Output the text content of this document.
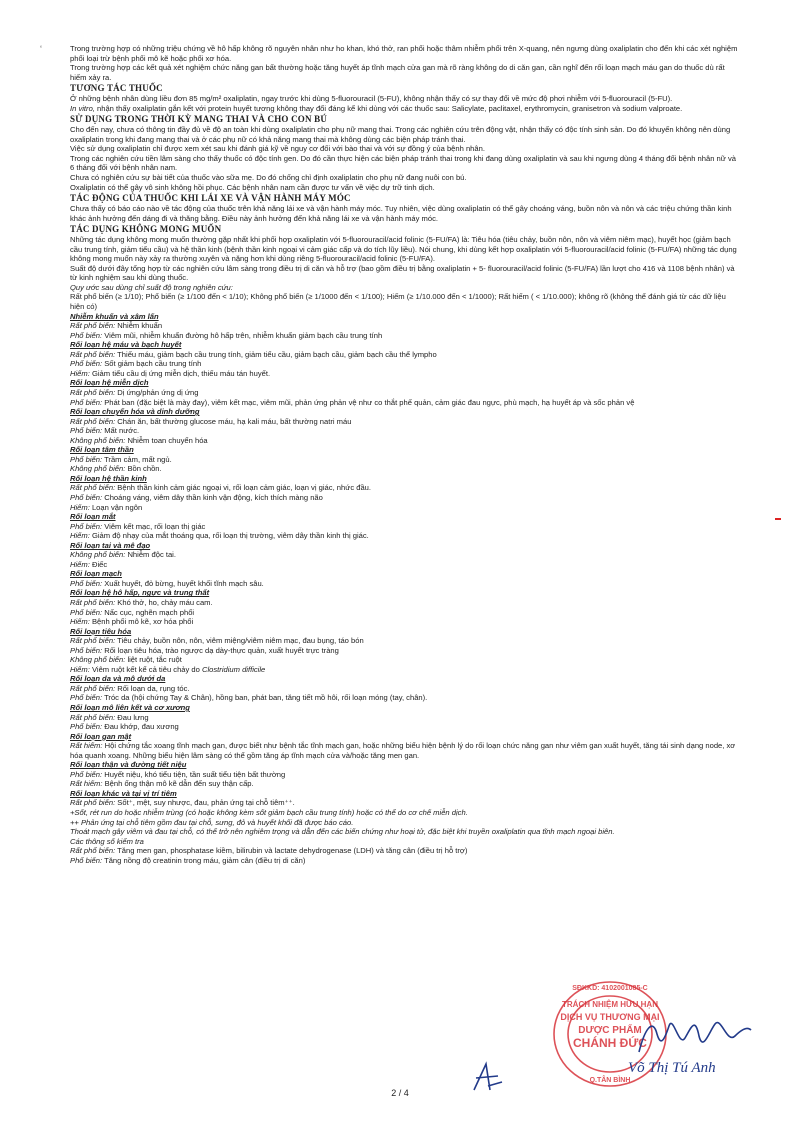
‘	Trong trường hợp có những triệu chứng về hô hấp không rõ nguyên nhân như ho khan, khó thở, ran phổi hoặc thâm nhiễm phổi trên X-quang, nên ngưng dùng oxaliplatin cho đến khi các xét nghiệm phổi loại trừ bệnh phổi mô kẽ hoặc phổi xơ hóa.

Trong trường hợp các kết quả xét nghiệm chức năng gan bất thường hoặc tăng huyết áp tĩnh mạch cửa gan mà rõ ràng không do di căn gan, cần nghĩ đến rối loạn mạch máu gan do thuốc dù rất hiếm xảy ra.

TƯƠNG TÁC THUỐC

Ở những bệnh nhân dùng liều đơn 85 mg/m² oxaliplatin, ngay trước khi dùng 5-fluorouracil (5-FU), không nhận thấy có sự thay đổi về mức độ phơi nhiễm với 5-fluorouracil (5-FU).

In vitro, nhận thấy oxaliplatin gắn kết với protein huyết tương không thay đổi đáng kể khi dùng với các thuốc sau: Salicylate, paclitaxel, erythromycin, granisetron và sodium valproate.

SỬ DỤNG TRONG THỜI KỲ MANG THAI VÀ CHO CON BÚ

Cho đến nay, chưa có thông tin đầy đủ về độ an toàn khi dùng oxaliplatin cho phụ nữ mang thai. Trong các nghiên cứu trên động vật, nhận thấy có độc tính sinh sản. Do đó khuyến không nên dùng oxaliplatin trong khi đang mang thai và ở các phụ nữ có khả năng mang thai mà không dùng các biện pháp tránh thai.

Việc sử dụng oxaliplatin chỉ được xem xét sau khi đánh giá kỹ về nguy cơ đối với bào thai và với sự đồng ý của bệnh nhân.

Trong các nghiên cứu tiền lâm sàng cho thấy thuốc có độc tính gen. Do đó cần thực hiện các biện pháp tránh thai trong khi đang dùng oxaliplatin và sau khi ngưng dùng 4 tháng đối bệnh nhân nữ và 6 tháng đối với bệnh nhân nam.

Chưa có nghiên cứu sự bài tiết của thuốc vào sữa mẹ. Do đó chống chỉ định oxaliplatin cho phụ nữ đang nuôi con bú.

Oxaliplatin có thể gây vô sinh không hồi phục. Các bệnh nhân nam cần được tư vấn về việc dự trữ tinh dịch.

TÁC ĐỘNG CỦA THUỐC KHI LÁI XE VÀ VẬN HÀNH MÁY MÓC

Chưa thấy có báo cáo nào về tác động của thuốc trên khả năng lái xe và vận hành máy móc. Tuy nhiên, việc dùng oxaliplatin có thể gây choáng váng, buồn nôn và nôn và các triệu chứng thần kinh khác ảnh hưởng đến dáng đi và thăng bằng. Điều này ảnh hưởng đến khả năng lái xe và vận hành máy móc.

TÁC DỤNG KHÔNG MONG MUỐN

Những tác dụng không mong muốn thường gặp nhất khi phối hợp oxaliplatin với 5-fluorouracil/acid folinic (5-FU/FA) là: Tiêu hóa (tiêu chảy, buồn nôn, nôn và viêm niêm mạc), huyết học (giảm bạch cầu trung tính, giảm tiểu cầu) và hệ thần kinh (bệnh thần kinh ngoại vi cảm giác cấp và do tích lũy liều). Nói chung, khi dùng kết hợp oxaliplatin với 5-fluorouracil/acid folinic (5-FU/FA) những tác dụng không mong muốn này xảy ra thường xuyên và nặng hơn khi dùng riêng 5-fluorouracil/acid folinic (5-FU/FA).

Suất độ dưới đây tổng hợp từ các nghiên cứu lâm sàng trong điều trị di căn và hỗ trợ (bao gồm điều trị bằng oxaliplatin + 5- fluorouracil/acid folinic (5-FU/FA) lần lượt cho 416 và 1108 bệnh nhân) và từ kinh nghiệm sau khi dùng thuốc.

Quy ước sau dùng chỉ suất độ trong nghiên cứu:

Rất phổ biến (≥ 1/10); Phổ biến (≥ 1/100 đến < 1/10); Không phổ biến (≥ 1/1000 đến < 1/100); Hiếm (≥ 1/10.000 đến < 1/1000); Rất hiếm ( < 1/10.000); không rõ (không thể đánh giá từ các dữ liệu hiện có)

Nhiễm khuẩn và xâm lấn

Rất phổ biến: Nhiễm khuẩn

Phổ biến: Viêm mũi, nhiễm khuẩn đường hô hấp trên, nhiễm khuẩn giảm bạch cầu trung tính

Rối loạn hệ máu và bạch huyết

Rất phổ biến: Thiếu máu, giảm bạch cầu trung tính, giảm tiểu cầu, giảm bạch cầu, giảm bạch cầu thể lympho

Phổ biến: Sốt giảm bạch cầu trung tính

Hiếm: Giảm tiểu cầu dị ứng miễn dịch, thiếu máu tán huyết.

Rối loạn hệ miễn dịch

Rất phổ biến: Dị ứng/phản ứng dị ứng

Phổ biến: Phát ban (đặc biệt là mày đay), viêm kết mạc, viêm mũi, phản ứng phản vệ như co thắt phế quản, cảm giác đau ngực, phù mạch, hạ huyết áp và sốc phản vệ

Rối loạn chuyển hóa và dinh dưỡng

Rất phổ biến: Chán ăn, bất thường glucose máu, hạ kali máu, bất thường natri máu

Phổ biến: Mất nước.

Không phổ biến: Nhiễm toan chuyển hóa

Rối loạn tâm thần

Phổ biến: Trầm cảm, mất ngủ.

Không phổ biến: Bồn chồn.

Rối loạn hệ thần kinh

Rất phổ biến: Bệnh thần kinh cảm giác ngoại vi, rối loạn cảm giác, loạn vị giác, nhức đầu.

Phổ biến: Choáng váng, viêm dây thần kinh vận động, kích thích màng não

Hiếm: Loạn vận ngôn

Rối loạn mắt

Phổ biến: Viêm kết mạc, rối loạn thị giác

Hiếm: Giảm độ nhạy của mắt thoáng qua, rối loạn thị trường, viêm dây thần kinh thị giác.

Rối loạn tai và mê đạo

Không phổ biến: Nhiễm độc tai.

Hiếm: Điếc

Rối loạn mạch

Phổ biến: Xuất huyết, đỏ bừng, huyết khối tĩnh mạch sâu.

Rối loạn hệ hô hấp, ngực và trung thất

Rất phổ biến: Khó thở, ho, chảy máu cam.

Phổ biến: Nấc cục, nghẽn mạch phổi

Hiếm: Bệnh phổi mô kẽ, xơ hóa phổi

Rối loạn tiêu hóa

Rất phổ biến: Tiêu chảy, buồn nôn, nôn, viêm miệng/viêm niêm mạc, đau bụng, táo bón

Phổ biến: Rối loạn tiêu hóa, trào ngược dạ dày-thực quản, xuất huyết trực tràng

Không phổ biến: liệt ruột, tắc ruột

Hiếm: Viêm ruột kết kể cả tiêu chảy do Clostridium difficile

Rối loạn da và mô dưới da

Rất phổ biến: Rối loạn da, rụng tóc.

Phổ biến: Tróc da (hội chứng Tay & Chân), hồng ban, phát ban, tăng tiết mồ hôi, rối loạn móng (tay, chân).

Rối loạn mô liên kết và cơ xương

Rất phổ biến: Đau lưng

Phổ biến: Đau khớp, đau xương

Rối loạn gan mật

Rất hiếm: Hội chứng tắc xoang tĩnh mạch gan, được biết như bệnh tắc tĩnh mạch gan, hoặc những biểu hiện bệnh lý do rối loạn chức năng gan như viêm gan xuất huyết, tăng tái sinh dạng node, xơ hóa quanh xoang. Những biểu hiện lâm sàng có thể gồm tăng áp tĩnh mạch cửa và/hoặc tăng men gan.

Rối loạn thận và đường tiết niệu

Phổ biến: Huyết niệu, khó tiểu tiện, tần suất tiểu tiện bất thường

Rất hiếm: Bệnh ống thận mô kẽ dẫn đến suy thận cấp.

Rối loạn khác và tại vị trí tiêm

Rất phổ biến: Sốt⁺, mệt, suy nhược, đau, phản ứng tại chỗ tiêm⁺⁺.

+Sốt, rét run do hoặc nhiễm trùng (có hoặc không kèm sốt giảm bạch cầu trung tính) hoặc có thể do cơ chế miễn dịch.

++ Phản ứng tại chỗ tiêm gồm đau tại chỗ, sưng, đỏ và huyết khối đã được báo cáo.

Thoát mạch gây viêm và đau tại chỗ, có thể trở nên nghiêm trọng và dẫn đến các biến chứng như hoại tử, đặc biệt khi truyền oxaliplatin qua tĩnh mạch ngoại biên.

Các thông số kiểm tra

Rất phổ biến: Tăng men gan, phosphatase kiềm, bilirubin và lactate dehydrogenase (LDH) và tăng cân (điều trị hỗ trợ)

Phổ biến: Tăng nồng độ creatinin trong máu, giảm cân (điều trị di căn)

TRÁCH NHIỆM HỮU HẠN
DỊCH VỤ THƯƠNG MẠI
DƯỢC PHẨM
CHÁNH ĐỨC
SĐKKD: 4102001085-C
Q.TÂN BÌNH
Võ Thị Tú Anh
2 / 4
